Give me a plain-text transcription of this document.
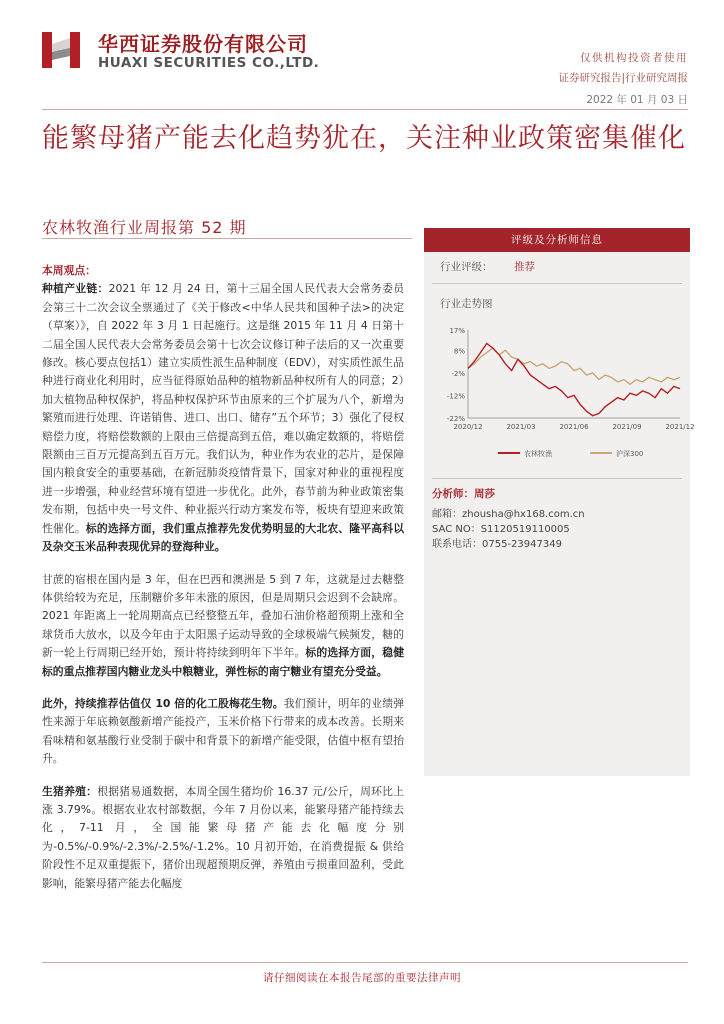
华西证券股份有限公司
HUAXI SECURITIES CO.,LTD.	仅供机构投资者使用
证券研究报告|行业研究周报
2022 年 01 月 03 日
能繁母猪产能去化趋势犹在，关注种业政策密集催化
农林牧渔行业周报第 52 期
本周观点：

种植产业链：2021 年 12 月 24 日，第十三届全国人民代表大会常务委员会第三十二次会议全票通过了《关于修改<中华人民共和国种子法>的决定（草案）》，自 2022 年 3 月 1 日起施行。这是继 2015 年 11 月 4 日第十二届全国人民代表大会常务委员会第十七次会议修订种子法后的又一次重要修改。核心要点包括1）建立实质性派生品种制度（EDV），对实质性派生品种进行商业化利用时，应当征得原始品种的植物新品种权所有人的同意；2）加大植物品种权保护，将品种权保护环节由原来的三个扩展为八个，新增为繁殖而进行处理、许诺销售、进口、出口、储存”五个环节；3）强化了侵权赔偿力度，将赔偿数额的上限由三倍提高到五倍，难以确定数额的，将赔偿限额由三百万元提高到五百万元。我们认为，种业作为农业的芯片，是保障国内粮食安全的重要基础，在新冠肺炎疫情背景下，国家对种业的重视程度进一步增强，种业经营环境有望进一步优化。此外，春节前为种业政策密集发布期，包括中央一号文件、种业振兴行动方案发布等，板块有望迎来政策性催化。标的选择方面，我们重点推荐先发优势明显的大北农、隆平高科以及杂交玉米品种表现优异的登海种业。

甘蔗的宿根在国内是 3 年，但在巴西和澳洲是 5 到 7 年，这就是过去糖整体供给较为充足，压制糖价多年未涨的原因，但是周期只会迟到不会缺席。2021 年距离上一轮周期高点已经整整五年，叠加石油价格超预期上涨和全球货币大放水，以及今年由于太阳黑子运动导致的全球极端气候频发，糖的新一轮上行周期已经开始，预计将持续到明年下半年。标的选择方面，稳健标的重点推荐国内糖业龙头中粮糖业，弹性标的南宁糖业有望充分受益。

此外，持续推荐估值仅 10 倍的化工股梅花生物。我们预计，明年的业绩弹性来源于年底赖氨酸新增产能投产，玉米价格下行带来的成本改善。长期来看味精和氨基酸行业受制于碳中和背景下的新增产能受限，估值中枢有望抬升。

生猪养殖：根据猪易通数据，本周全国生猪均价 16.37 元/公斤，周环比上涨 3.79%。根据农业农村部数据，今年 7 月份以来，能繁母猪产能持续去化，7-11 月，全国能繁母猪产能去化幅度分别为-0.5%/-0.9%/-2.3%/-2.5%/-1.2%。10 月初开始，在消费提振 & 供给阶段性不足双重提振下，猪价出现超预期反弹，养殖由亏损重回盈利，受此影响，能繁母猪产能去化幅度

评级及分析师信息
行业评级： 推荐
行业走势图
17%
8%
-2%
-12%
-22%
2020/12	2021/03	2021/06	2021/09	2021/12
农林牧渔	沪深300
分析师：周莎
邮箱：zhousha@hx168.com.cn
SAC NO：S1120519110005
联系电话：0755-23947349
请仔细阅读在本报告尾部的重要法律声明
